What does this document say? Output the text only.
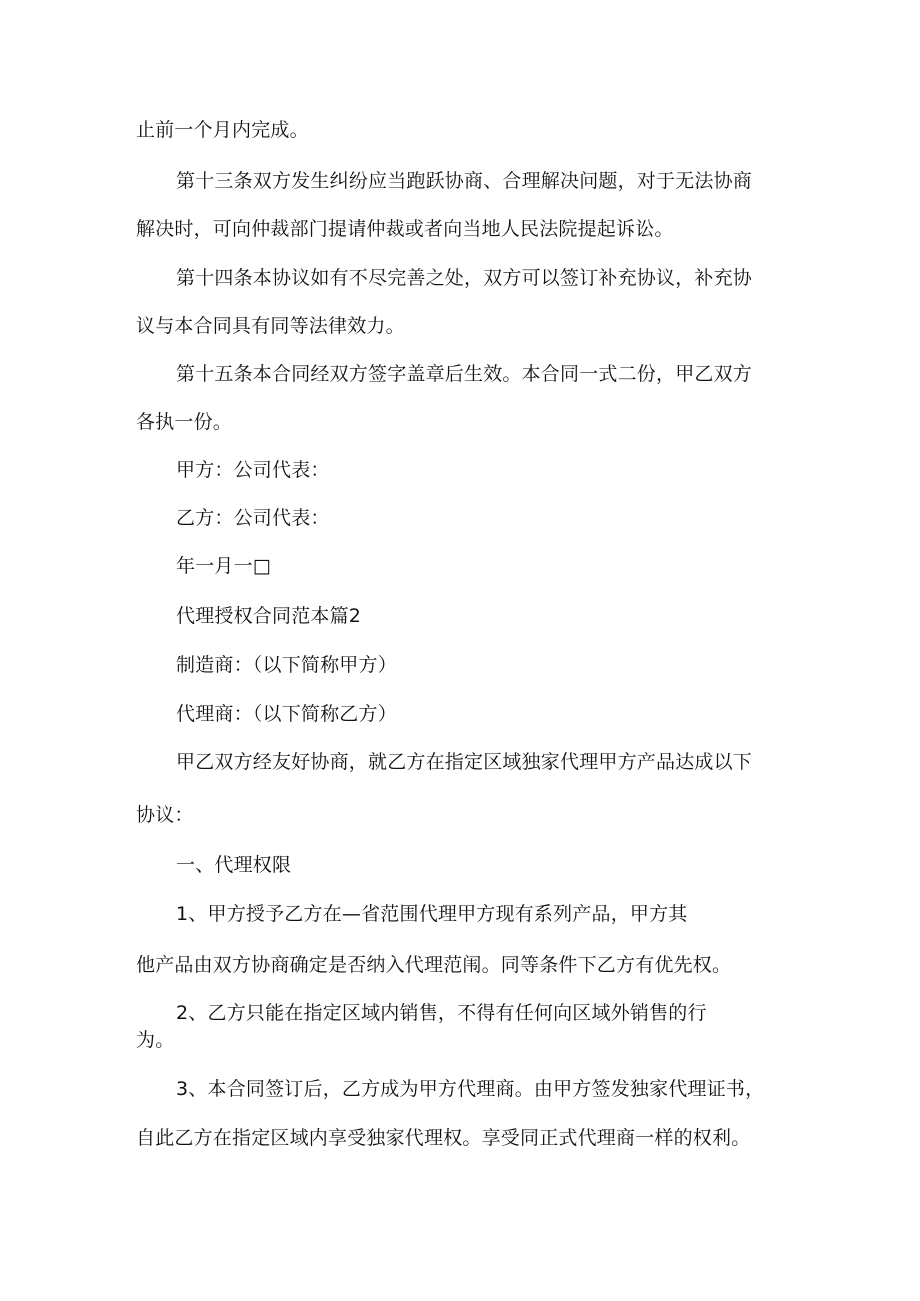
止前一个月内完成。
第十三条双方发生纠纷应当跑跃协商、合理解决问题，对于无法协商
解决时，可向仲裁部门提请仲裁或者向当地人民法院提起诉讼。
第十四条本协议如有不尽完善之处，双方可以签订补充协议，补充协
议与本合同具有同等法律效力。
第十五条本合同经双方签字盖章后生效。本合同一式二份，甲乙双方
各执一份。
甲方：公司代表：
乙方：公司代表：
年一月一□
代理授权合同范本篇2
制造商：（以下简称甲方）
代理商：（以下简称乙方）
甲乙双方经友好协商，就乙方在指定区域独家代理甲方产品达成以下
协议：
一、代理权限
1、甲方授予乙方在—省范围代理甲方现有系列产品，甲方其
他产品由双方协商确定是否纳入代理范闱。同等条件下乙方有优先权。
2、乙方只能在指定区域内销售，不得有任何向区域外销售的行
为。
3、本合同签订后，乙方成为甲方代理商。由甲方签发独家代理证书，
自此乙方在指定区域内享受独家代理权。享受同正式代理商一样的权利。
